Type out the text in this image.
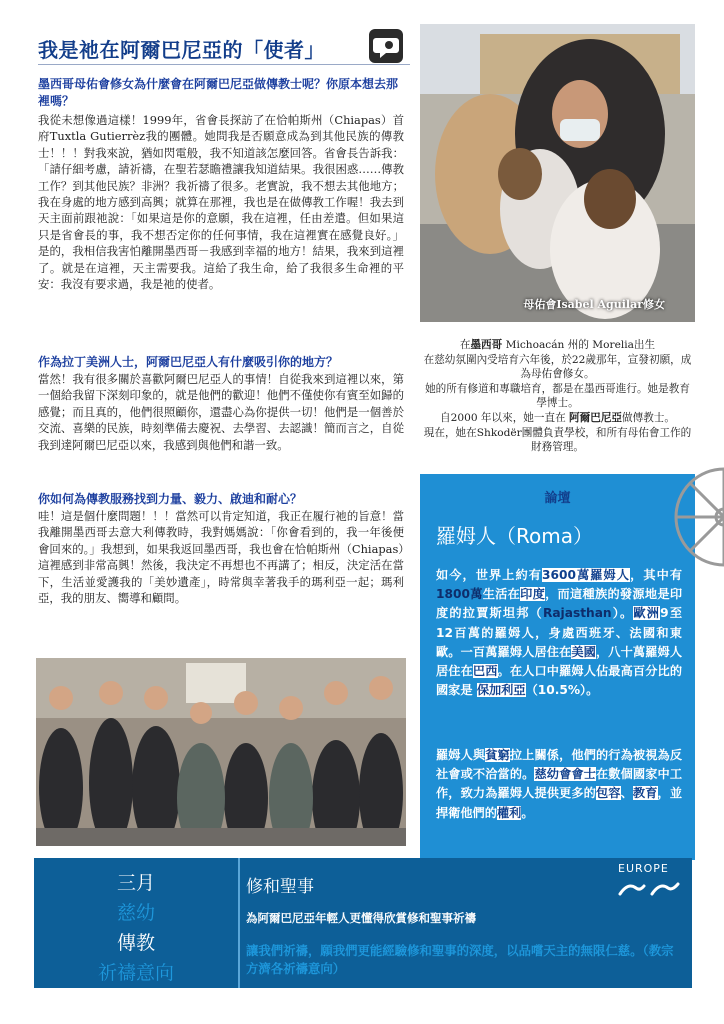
我是祂在阿爾巴尼亞的「使者」
墨西哥母佑會修女為什麼會在阿爾巴尼亞做傳教士呢？你原本想去那裡嗎？
我從未想像過這樣！1999年，省會長探訪了在恰帕斯州（Chiapas）首府Tuxtla Gutierrèz我的團體。她問我是否願意成為到其他民族的傳教士！！！對我來說，猶如閃電般，我不知道該怎麼回答。省會長告訴我：「請仔細考慮，請祈禱，在聖若瑟瞻禮讓我知道結果。我很困惑……傳教工作？到其他民族？非洲？我祈禱了很多。老實說，我不想去其他地方；我在身處的地方感到高興；就算在那裡，我也是在做傳教工作喔！我去到天主面前跟祂說：「如果這是你的意願，我在這裡，任由差遣。但如果這只是省會長的事，我不想否定你的任何事情，我在這裡實在感覺良好。」是的，我相信我害怕離開墨西哥－我感到幸福的地方！結果，我來到這裡了。就是在這裡，天主需要我。這給了我生命，給了我很多生命裡的平安：我沒有要求過，我是祂的使者。
作為拉丁美洲人士，阿爾巴尼亞人有什麼吸引你的地方？
當然！我有很多關於喜歡阿爾巴尼亞人的事情！自從我來到這裡以來，第一個給我留下深刻印象的，就是他們的歡迎！他們不僅使你有賓至如歸的感覺；而且真的，他們很照顧你，還盡心為你提供一切！他們是一個善於交流、喜樂的民族，時刻準備去慶祝、去學習、去認識！簡而言之，自從我到達阿爾巴尼亞以來，我感到與他們和諧一致。
你如何為傳教服務找到力量、毅力、啟迪和耐心？
哇！這是個什麼問題！！！當然可以肯定知道，我正在履行祂的旨意！當我離開墨西哥去意大利傳教時，我對媽媽說：「你會看到的，我一年後便會回來的。」我想到，如果我返回墨西哥，我也會在恰帕斯州（Chiapas）這裡感到非常高興！然後，我決定不再想也不再講了；相反，決定活在當下，生活並愛護我的「美妙遺產」，時常與幸著我手的瑪利亞一起；瑪利亞，我的朋友、嚮導和顧問。
母佑會Isabel Aguilar修女
在墨西哥 Michoacán 州的 Morelia出生
在慈幼氛圍內受培育六年後，於22歲那年，宣發初願，成為母佑會修女。
她的所有修道和專職培育，都是在墨西哥進行。她是教育學博士。
自2000 年以來，她一直在 阿爾巴尼亞做傳教士。
現在，她在Shkodër團體負責學校，和所有母佑會工作的財務管理。
論壇
羅姆人（Roma）
如今，世界上約有3600萬羅姆人，其中有1800萬生活在印度，而這種族的發源地是印度的拉賈斯坦邦（Rajasthan）。歐洲9至12百萬的羅姆人，身處西班牙、法國和東歐。一百萬羅姆人居住在美國，八十萬羅姆人居住在巴西。在人口中羅姆人佔最高百分比的國家是 保加利亞（10.5%）。
羅姆人與貧窮拉上關係，他們的行為被視為反社會或不洽當的。慈幼會會士在數個國家中工作，致力為羅姆人提供更多的包容、教育，並捍衛他們的權利。
三月
慈幼
傳教
祈禱意向
修和聖事
為阿爾巴尼亞年輕人更懂得欣賞修和聖事祈禱
讓我們祈禱，願我們更能經驗修和聖事的深度，以品嚐天主的無限仁慈。（教宗方濟各祈禱意向）
EUROPE
